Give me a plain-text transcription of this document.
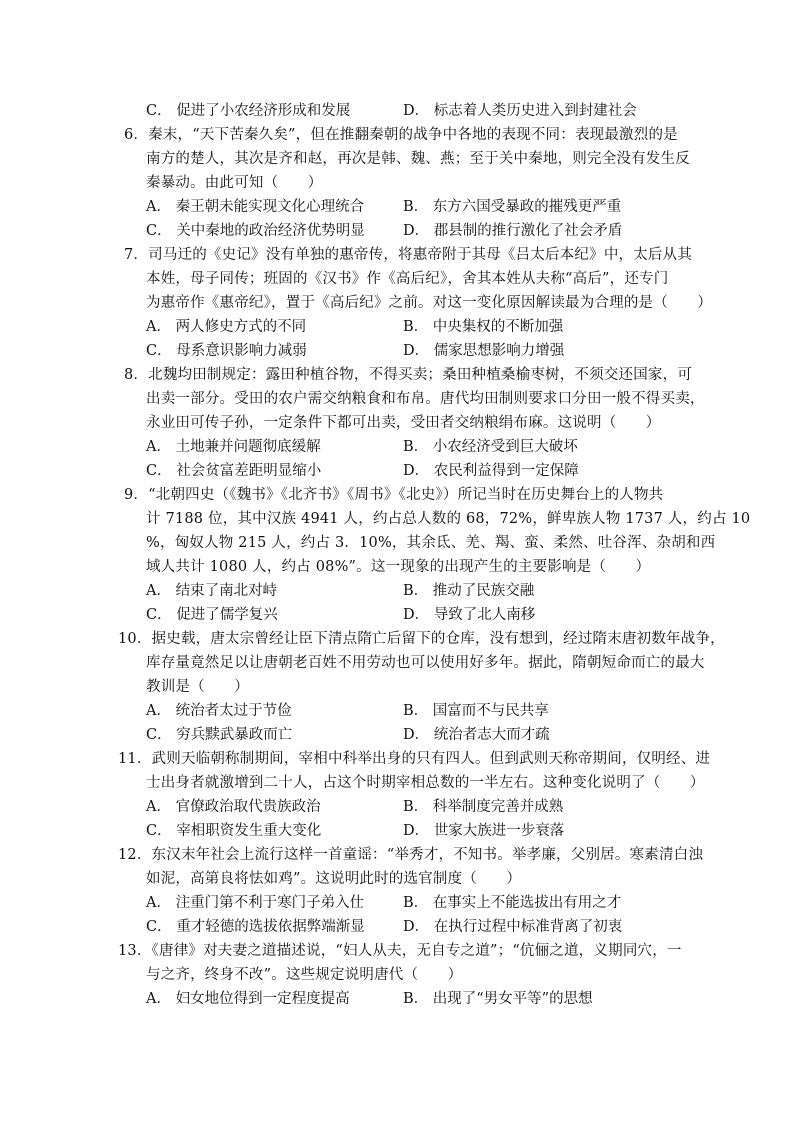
C． 促进了小农经济形成和发展	D． 标志着人类历史进入到封建社会
6．秦末，“天下苦秦久矣”，但在推翻秦朝的战争中各地的表现不同：表现最激烈的是
南方的楚人，其次是齐和赵，再次是韩、魏、燕；至于关中秦地，则完全没有发生反
秦暴动。由此可知（　　）
A． 秦王朝未能实现文化心理统合	B． 东方六国受暴政的摧残更严重
C． 关中秦地的政治经济优势明显	D． 郡县制的推行激化了社会矛盾
7．司马迁的《史记》没有单独的惠帝传，将惠帝附于其母《吕太后本纪》中，太后从其
本姓，母子同传；班固的《汉书》作《高后纪》，舍其本姓从夫称“高后”，还专门
为惠帝作《惠帝纪》，置于《高后纪》之前。对这一变化原因解读最为合理的是（　　）
A． 两人修史方式的不同	B． 中央集权的不断加强
C． 母系意识影响力减弱	D． 儒家思想影响力增强
8．北魏均田制规定：露田种植谷物，不得买卖；桑田种植桑榆枣树，不须交还国家，可
出卖一部分。受田的农户需交纳粮食和布帛。唐代均田制则要求口分田一般不得买卖，
永业田可传子孙，一定条件下都可出卖，受田者交纳粮绢布麻。这说明（　　）
A． 土地兼并问题彻底缓解	B． 小农经济受到巨大破坏
C． 社会贫富差距明显缩小	D． 农民利益得到一定保障
9．“北朝四史（《魏书》《北齐书》《周书》《北史》）所记当时在历史舞台上的人物共
计 7188 位，其中汉族 4941 人，约占总人数的 68，72%，鲜卑族人物 1737 人，约占 10
%，匈奴人物 215 人，约占 3．10%，其余氐、羌、羯、蛮、柔然、吐谷浑、杂胡和西
域人共计 1080 人，约占 08%”。这一现象的出现产生的主要影响是（　　）
A． 结束了南北对峙	B． 推动了民族交融
C． 促进了儒学复兴	D． 导致了北人南移
10．据史载，唐太宗曾经让臣下清点隋亡后留下的仓库，没有想到，经过隋末唐初数年战争，
库存量竟然足以让唐朝老百姓不用劳动也可以使用好多年。据此，隋朝短命而亡的最大
教训是（　　）
A． 统治者太过于节俭	B． 国富而不与民共享
C． 穷兵黩武暴政而亡	D． 统治者志大而才疏
11．武则天临朝称制期间，宰相中科举出身的只有四人。但到武则天称帝期间，仅明经、进
士出身者就激增到二十人，占这个时期宰相总数的一半左右。这种变化说明了（　　）
A． 官僚政治取代贵族政治	B． 科举制度完善并成熟
C． 宰相职资发生重大变化	D． 世家大族进一步衰落
12．东汉末年社会上流行这样一首童谣：“举秀才，不知书。举孝廉，父别居。寒素清白浊
如泥，高第良将怯如鸡”。这说明此时的选官制度（　　）
A． 注重门第不利于寒门子弟入仕	B． 在事实上不能选拔出有用之才
C． 重才轻德的选拔依据弊端渐显	D． 在执行过程中标准背离了初衷
13．《唐律》对夫妻之道描述说，“妇人从夫，无自专之道”；“伉俪之道，义期同穴，一
与之齐，终身不改”。这些规定说明唐代（　　）
A． 妇女地位得到一定程度提高	B． 出现了“男女平等”的思想
